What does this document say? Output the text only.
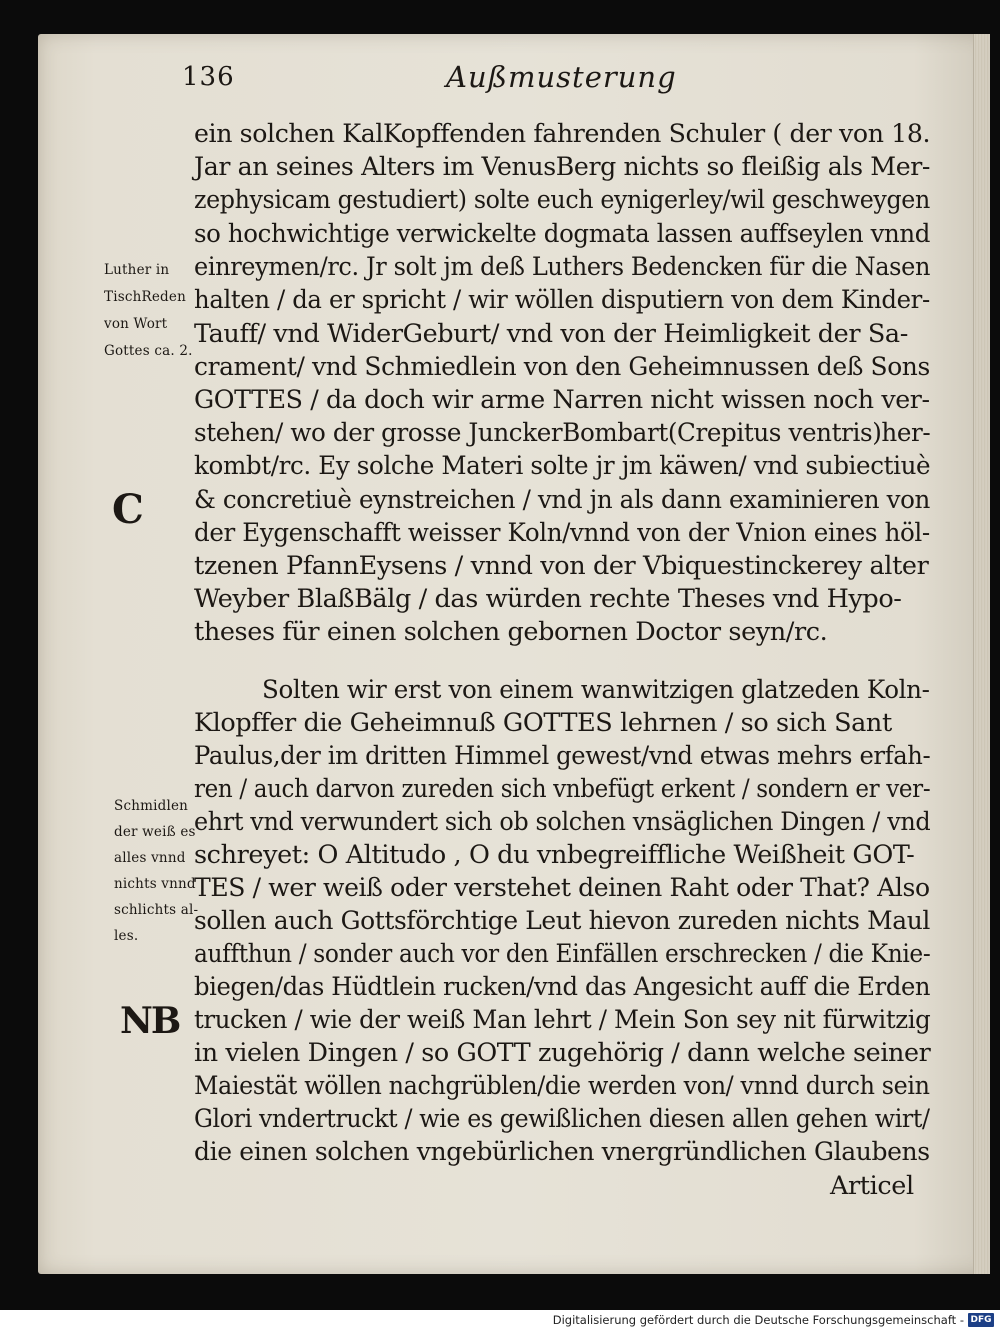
136	Außmusterung
ein solchen KalKopffenden fahrenden Schuler ( der von 18.
Jar an seines Alters im VenusBerg nichts so fleißig als Mer-
zephysicam gestudiert) solte euch eynigerley/wil geschweygen
so hochwichtige verwickelte dogmata lassen auffseylen vnnd
einreymen/rc. Jr solt jm deß Luthers Bedencken für die Nasen
halten / da er spricht / wir wöllen disputiern von dem Kinder-
Tauff/ vnd WiderGeburt/ vnd von der Heimligkeit der Sa-
crament/ vnd Schmiedlein von den Geheimnussen deß Sons
GOTTES / da doch wir arme Narren nicht wissen noch ver-
stehen/ wo der grosse JunckerBombart(Crepitus ventris)her-
kombt/rc. Ey solche Materi solte jr jm käwen/ vnd subiectiuè
& concretiuè eynstreichen / vnd jn als dann examinieren von
der Eygenschafft weisser Koln/vnnd von der Vnion eines höl-
tzenen PfannEysens / vnnd von der Vbiquestinckerey alter
Weyber BlaßBälg / das würden rechte Theses vnd Hypo-
theses für einen solchen gebornen Doctor seyn/rc.
Solten wir erst von einem wanwitzigen glatzeden Koln-
Klopffer die Geheimnuß GOTTES lehrnen / so sich Sant
Paulus,der im dritten Himmel gewest/vnd etwas mehrs erfah-
ren / auch darvon zureden sich vnbefügt erkent / sondern er ver-
ehrt vnd verwundert sich ob solchen vnsäglichen Dingen / vnd
schreyet: O Altitudo , O du vnbegreiffliche Weißheit GOT-
TES / wer weiß oder verstehet deinen Raht oder That? Also
sollen auch Gottsförchtige Leut hievon zureden nichts Maul
auffthun / sonder auch vor den Einfällen erschrecken / die Knie-
biegen/das Hüdtlein rucken/vnd das Angesicht auff die Erden
trucken / wie der weiß Man lehrt / Mein Son sey nit fürwitzig
in vielen Dingen / so GOTT zugehörig / dann welche seiner
Maiestät wöllen nachgrüblen/die werden von/ vnnd durch sein
Glori vndertruckt / wie es gewißlichen diesen allen gehen wirt/
die einen solchen vngebürlichen vnergründlichen Glaubens
Articel
Luther in
TischReden
von Wort
Gottes ca. 2.
Schmidlen
der weiß es
alles vnnd
nichts vnnd
schlichts al-
les.
C
NB
Digitalisierung gefördert durch die Deutsche Forschungsgemeinschaft - DFG
